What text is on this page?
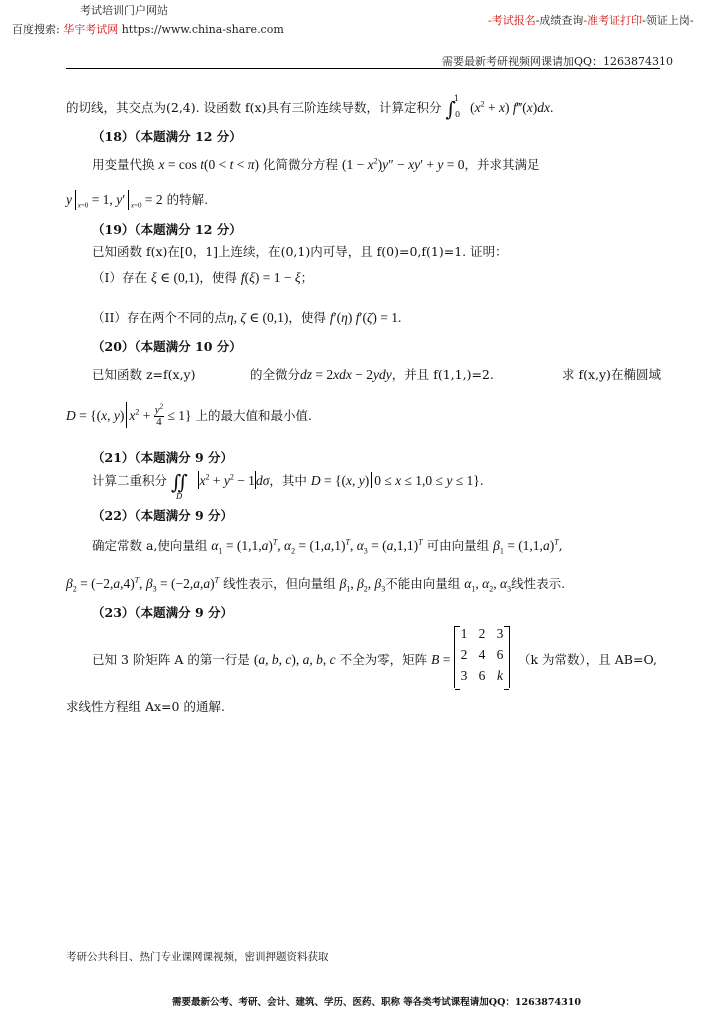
考试培训门户网站
百度搜索: 华宇考试网 https://www.china-share.com
-考试报名-成绩查询-准考证打印-领证上岗-
需要最新考研视频网课请加QQ：1263874310
的切线，其交点为(2,4). 设函数 f(x)具有三阶连续导数，计算定积分 ∫$^1_0$ $(x^2 + x)$ f‴(x)dx.
（18）（本题满分 12 分）
用变量代换 x = cos t(0 < t < π) 化简微分方程 $(1 - x^2)y'' - xy' + y = 0$，并求其满足
y $_{x=0}$ = 1, y′ $_{x=0}$ = 2 的特解.
（19）（本题满分 12 分）
已知函数 f(x)在[0，1]上连续，在(0,1)内可导，且 f(0)=0,f(1)=1. 证明：
（I）存在 ξ ∈ (0,1)，使得 f(ξ) = 1 − ξ；
（II）存在两个不同的点η, ζ ∈ (0,1)，使得 f′(η) f′(ζ) = 1.
（20）（本题满分 10 分）
已知函数 z=f(x,y)	的全微分dz = 2xdx − 2ydy，并且 f(1,1,)=2.	求 f(x,y)在椭圆域
D = {(x, y) $x^2 + \frac{y^2}{4} \le 1$} 上的最大值和最小值.
（21）（本题满分 9 分）
计算二重积分 $∬_D$ $x^2 + y^2 - 1d\sigma$，其中 D = {(x, y) 0 ≤ x ≤ 1,0 ≤ y ≤ 1}.
（22）（本题满分 9 分）
确定常数 a,使向量组 $\alpha_1 = (1,1,a)^T$, $\alpha_2 = (1,a,1)^T$, $\alpha_3 = (a,1,1)^T$ 可由向量组 $\beta_1 = (1,1,a)^T$,
$\beta_2 = (-2,a,4)^T$, $\beta_3 = (-2,a,a)^T$ 线性表示，但向量组 $\beta_1$, $\beta_2$, $\beta_3$不能由向量组 $\alpha_1$, $\alpha_2$, $\alpha_3$线性表示.
（23）（本题满分 9 分）
已知 3 阶矩阵 A 的第一行是 (a, b, c), a, b, c 不全为零，矩阵 B =
1 2 3
2 4 6
3 6 k
（k 为常数），且 AB=O,
求线性方程组 Ax=0 的通解.
考研公共科目、热门专业课网课视频，密训押题资料获取
需要最新公考、考研、会计、建筑、学历、医药、职称 等各类考试课程请加QQ：1263874310
